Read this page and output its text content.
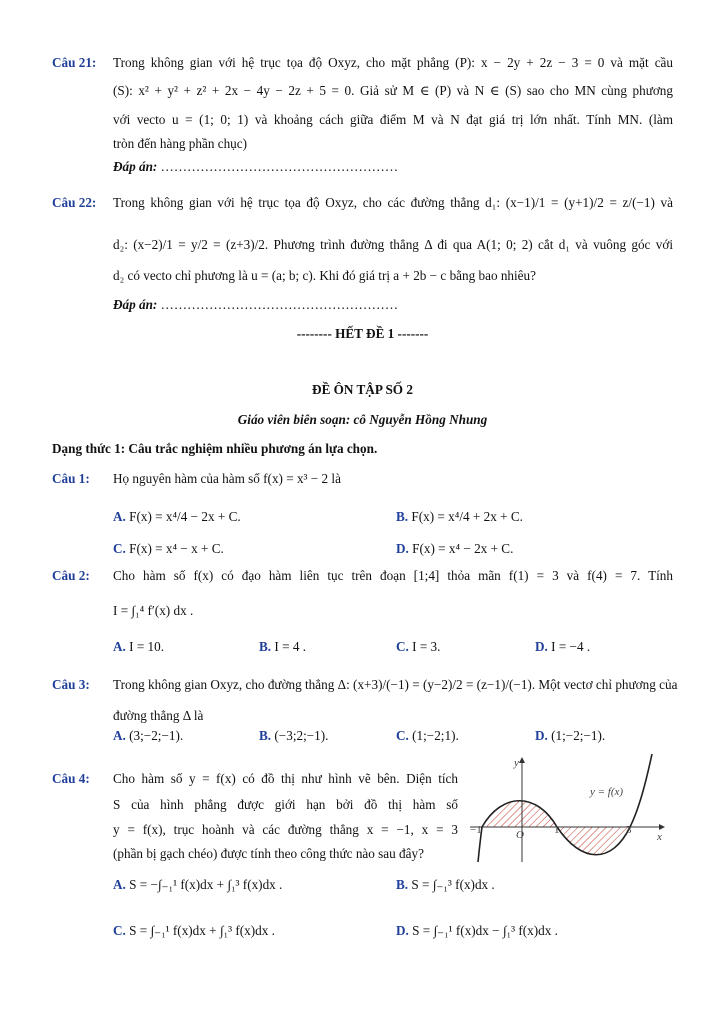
Câu 21: Trong không gian với hệ trục tọa độ Oxyz, cho mặt phẳng (P): x − 2y + 2z − 3 = 0 và mặt cầu
(S): x² + y² + z² + 2x − 4y − 2z + 5 = 0. Giả sử M ∈ (P) và N ∈ (S) sao cho MN cùng phương
với vecto u = (1; 0; 1) và khoảng cách giữa điểm M và N đạt giá trị lớn nhất. Tính MN. (làm
tròn đến hàng phần chục)
Đáp án: ………………………………………………
Câu 22: Trong không gian với hệ trục tọa độ Oxyz, cho các đường thẳng d₁: (x−1)/1 = (y+1)/2 = z/(−1) và
d₂: (x−2)/1 = y/2 = (z+3)/2. Phương trình đường thẳng Δ đi qua A(1; 0; 2) cắt d₁ và vuông góc với
d₂ có vecto chỉ phương là u = (a; b; c). Khi đó giá trị a + 2b − c bằng bao nhiêu?
Đáp án: ………………………………………………
-------- HẾT ĐỀ 1 -------
ĐỀ ÔN TẬP SỐ 2
Giáo viên biên soạn: cô Nguyễn Hồng Nhung
Dạng thức 1: Câu trắc nghiệm nhiều phương án lựa chọn.
Câu 1: Họ nguyên hàm của hàm số f(x) = x³ − 2 là
A. F(x) = x⁴/4 − 2x + C.	B. F(x) = x⁴/4 + 2x + C.
C. F(x) = x⁴ − x + C.	D. F(x) = x⁴ − 2x + C.
Câu 2: Cho hàm số f(x) có đạo hàm liên tục trên đoạn [1;4] thỏa mãn f(1) = 3 và f(4) = 7. Tính
I = ∫₁⁴ f′(x) dx .
A. I = 10.	B. I = 4 .	C. I = 3.	D. I = −4 .
Câu 3: Trong không gian Oxyz, cho đường thẳng Δ: (x+3)/(−1) = (y−2)/2 = (z−1)/(−1). Một vectơ chỉ phương của
đường thẳng Δ là
A. (3;−2;−1).	B. (−3;2;−1).	C. (1;−2;1).	D. (1;−2;−1).
Câu 4: Cho hàm số y = f(x) có đồ thị như hình vẽ bên. Diện tích
S của hình phẳng được giới hạn bởi đồ thị hàm số
y = f(x), trục hoành và các đường thẳng x = −1, x = 3
(phần bị gạch chéo) được tính theo công thức nào sau đây?
y
x
y = f(x)
O
−1	1	3
A. S = −∫₋₁¹ f(x)dx + ∫₁³ f(x)dx .	B. S = ∫₋₁³ f(x)dx .
C. S = ∫₋₁¹ f(x)dx + ∫₁³ f(x)dx .	D. S = ∫₋₁¹ f(x)dx − ∫₁³ f(x)dx .
